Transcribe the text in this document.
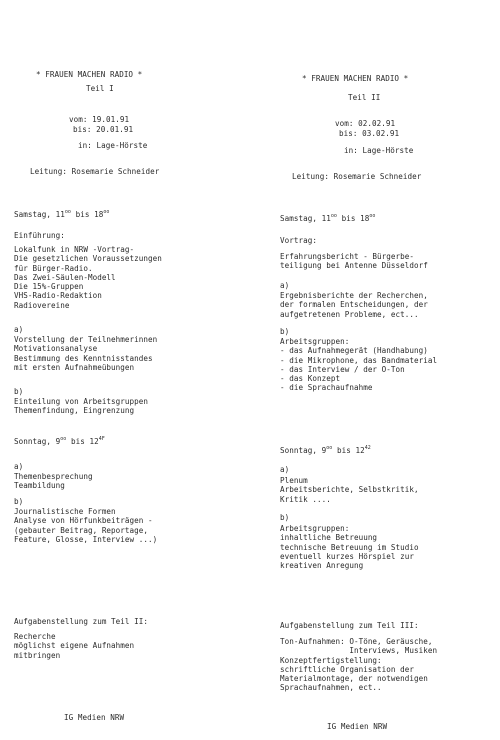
* FRAUEN MACHEN RADIO *
Teil I
vom: 19.01.91
bis: 20.01.91
in: Lage-Hörste
Leitung: Rosemarie Schneider
Samstag, $11^{oo}$ bis $18^{oo}$
Einführung:
Lokalfunk in NRW -Vortrag-
Die gesetzlichen Voraussetzungen
für Bürger-Radio.
Das Zwei-Säulen-Modell
Die 15%-Gruppen
VHS-Radio-Redaktion
Radiovereine
a)
Vorstellung der Teilnehmerinnen
Motivationsanalyse
Bestimmung des Kenntnisstandes
mit ersten Aufnahmeübungen
b)
Einteilung von Arbeitsgruppen
Themenfindung, Eingrenzung
Sonntag, $9^{oo}$ bis $12^{4F}$
a)
Themenbesprechung
Teambildung
b)
Journalistische Formen
Analyse von Hörfunkbeiträgen -
(gebauter Beitrag, Reportage,
Feature, Glosse, Interview ...)
Aufgabenstellung zum Teil II:
Recherche
möglichst eigene Aufnahmen
mitbringen
IG Medien NRW
* FRAUEN MACHEN RADIO *
Teil II
vom: 02.02.91
bis: 03.02.91
in: Lage-Hörste
Leitung: Rosemarie Schneider
Samstag, $11^{oo}$ bis $18^{oo}$
Vortrag:
Erfahrungsbericht - Bürgerbe-
teiligung bei Antenne Düsseldorf
a)
Ergebnisberichte der Recherchen,
der formalen Entscheidungen, der
aufgetretenen Probleme, ect...
b)
Arbeitsgruppen:
- das Aufnahmegerät (Handhabung)
- die Mikrophone, das Bandmaterial
- das Interview / der O-Ton
- das Konzept
- die Sprachaufnahme
Sonntag, $9^{oo}$ bis $12^{42}$
a)
Plenum
Arbeitsberichte, Selbstkritik,
Kritik ....
b)
Arbeitsgruppen:
inhaltliche Betreuung
technische Betreuung im Studio
eventuell kurzes Hörspiel zur
kreativen Anregung
Aufgabenstellung zum Teil III:
Ton-Aufnahmen: O-Töne, Geräusche,
Interviews, Musiken
Konzeptfertigstellung:
schriftliche Organisation der
Materialmontage, der notwendigen
Sprachaufnahmen, ect..
IG Medien NRW
